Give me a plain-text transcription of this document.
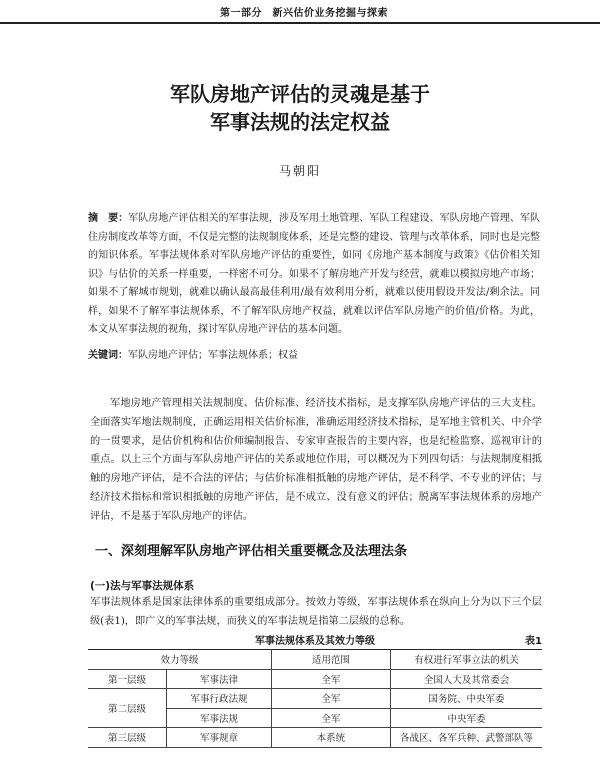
第一部分　新兴估价业务挖掘与探索
军队房地产评估的灵魂是基于
军事法规的法定权益
马朝阳
摘　要：军队房地产评估相关的军事法规，涉及军用土地管理、军队工程建设、军队房地产管理、军队住房制度改革等方面，不仅是完整的法规制度体系，还是完整的建设、管理与改革体系，同时也是完整的知识体系。军事法规体系对军队房地产评估的重要性，如同《房地产基本制度与政策》《估价相关知识》与估价的关系一样重要，一样密不可分。如果不了解房地产开发与经营，就难以模拟房地产市场；如果不了解城市规划，就难以确认最高最佳利用/最有效利用分析，就难以使用假设开发法/剩余法。同样，如果不了解军事法规体系，不了解军队房地产权益，就难以评估军队房地产的价值/价格。为此，本文从军事法规的视角，探讨军队房地产评估的基本问题。
关键词：军队房地产评估；军事法规体系；权益
军地房地产管理相关法规制度、估价标准、经济技术指标，是支撑军队房地产评估的三大支柱。全面落实军地法规制度，正确运用相关估价标准，准确运用经济技术指标，是军地主管机关、中介学的一贯要求，是估价机构和估价师编制报告、专家审查报告的主要内容，也是纪检监察、巡视审计的重点。以上三个方面与军队房地产评估的关系或地位作用，可以概况为下列四句话：与法规制度相抵触的房地产评估，是不合法的评估；与估价标准相抵触的房地产评估，是不科学、不专业的评估；与经济技术指标和常识相抵触的房地产评估，是不成立、没有意义的评估；脱离军事法规体系的房地产评估，不是基于军队房地产的评估。
一、深刻理解军队房地产评估相关重要概念及法理法条
(一)法与军事法规体系
军事法规体系是国家法律体系的重要组成部分。按效力等级，军事法规体系在纵向上分为以下三个层级(表1)，即广义的军事法规，而狭义的军事法规是指第二层级的总称。
军事法规体系及其效力等级	表1
效力等级		适用范围	有权进行军事立法的机关
第一层级	军事法律	全军	全国人大及其常委会
第二层级	军事行政法规	全军	国务院、中央军委
	军事法规	全军	中央军委
第三层级	军事规章	本系统	各战区、各军兵种、武警部队等
